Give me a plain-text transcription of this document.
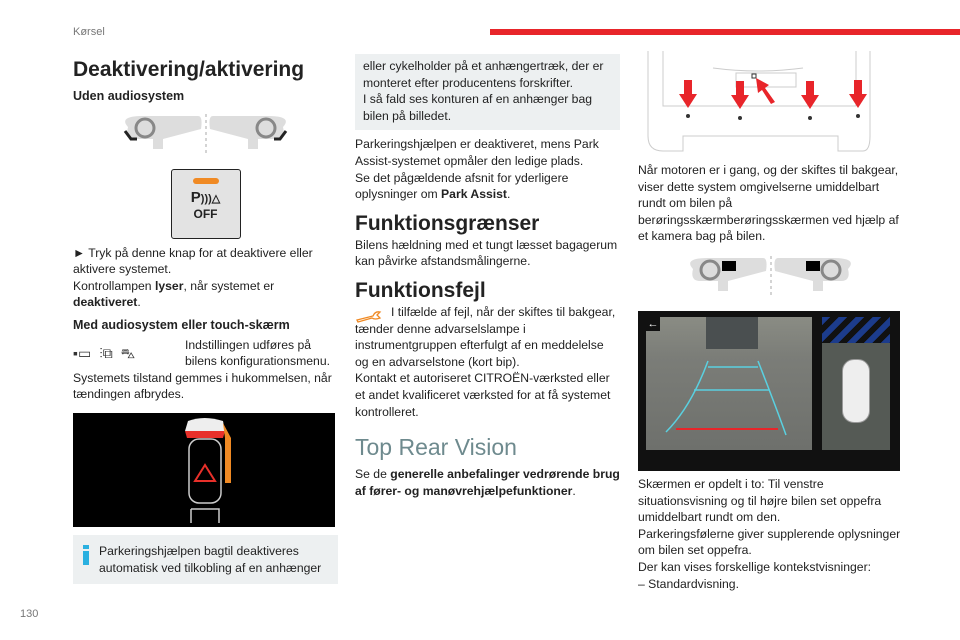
Kørsel
130
Deaktivering/aktivering
Uden audiosystem
P)))△
OFF

► Tryk på denne knap for at deaktivere eller aktivere systemet.

Kontrollampen lyser, når systemet er deaktiveret.

Med audiosystem eller touch-skærm
▪▭ ⫶⧉ ⛍

Indstillingen udføres på bilens konfigurationsmenu.

Systemets tilstand gemmes i hukommelsen, når tændingen afbrydes.

Parkeringshjælpen bagtil deaktiveres automatisk ved tilkobling af en anhænger

eller cykelholder på et anhængertræk, der er monteret efter producentens forskrifter.

I så fald ses konturen af en anhænger bag bilen på billedet.

Parkeringshjælpen er deaktiveret, mens Park Assist-systemet opmåler den ledige plads.

Se det pågældende afsnit for yderligere oplysninger om Park Assist.

Funktionsgrænser

Bilens hældning med et tungt læsset bagagerum kan påvirke afstandsmålingerne.

Funktionsfejl

I tilfælde af fejl, når der skiftes til bakgear, tænder denne advarselslampe i instrumentgruppen efterfulgt af en meddelelse og en advarselstone (kort bip).

Kontakt et autoriseret CITROËN-værksted eller et andet kvalificeret værksted for at få systemet kontrolleret.

Top Rear Vision

Se de generelle anbefalinger vedrørende brug af fører- og manøvrehjælpefunktioner.

Når motoren er i gang, og der skiftes til bakgear, viser dette system omgivelserne umiddelbart rundt om bilen på berøringsskærmberøringsskærmen ved hjælp af et kamera bag på bilen.

←

Skærmen er opdelt i to: Til venstre situationsvisning og til højre bilen set oppefra umiddelbart rundt om den.

Parkeringsfølerne giver supplerende oplysninger om bilen set oppefra.

Der kan vises forskellige kontekstvisninger:

– Standardvisning.
